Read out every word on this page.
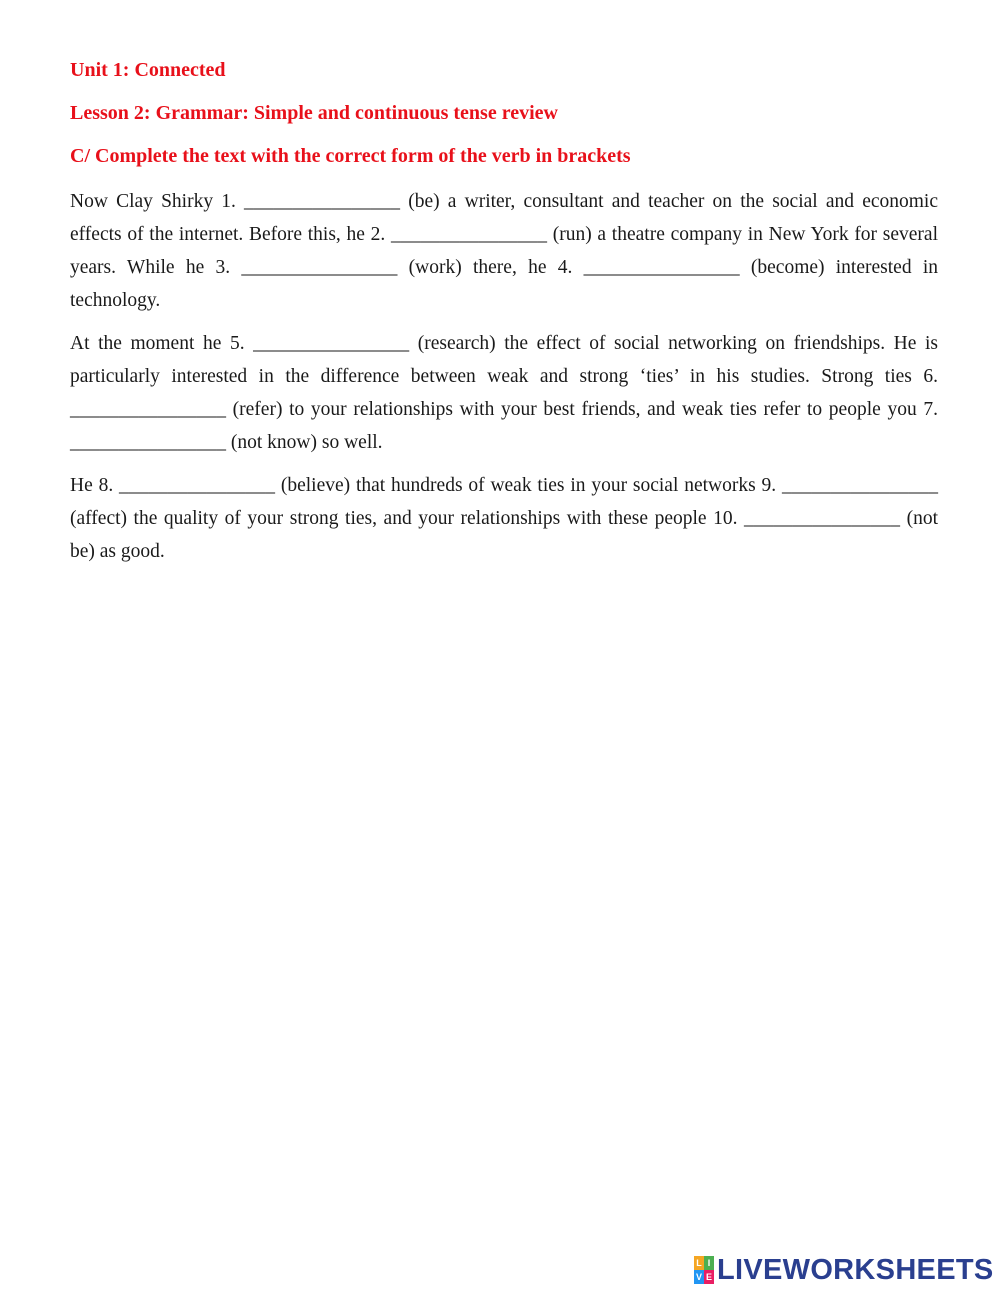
Unit 1: Connected
Lesson 2: Grammar: Simple and continuous tense review
C/ Complete the text with the correct form of the verb in brackets

Now Clay Shirky 1. ________________ (be) a writer, consultant and teacher on the social and economic effects of the internet. Before this, he 2. ________________ (run) a theatre company in New York for several years. While he 3. ________________ (work) there, he 4. ________________ (become) interested in technology.

At the moment he 5. ________________ (research) the effect of social networking on friendships. He is particularly interested in the difference between weak and strong ‘ties’ in his studies. Strong ties 6. ________________ (refer) to your relationships with your best friends, and weak ties refer to people you 7. ________________ (not know) so well.

He 8. ________________ (believe) that hundreds of weak ties in your social networks 9. ________________ (affect) the quality of your strong ties, and your relationships with these people 10. ________________ (not be) as good.

L I
V E LIVEWORKSHEETS
